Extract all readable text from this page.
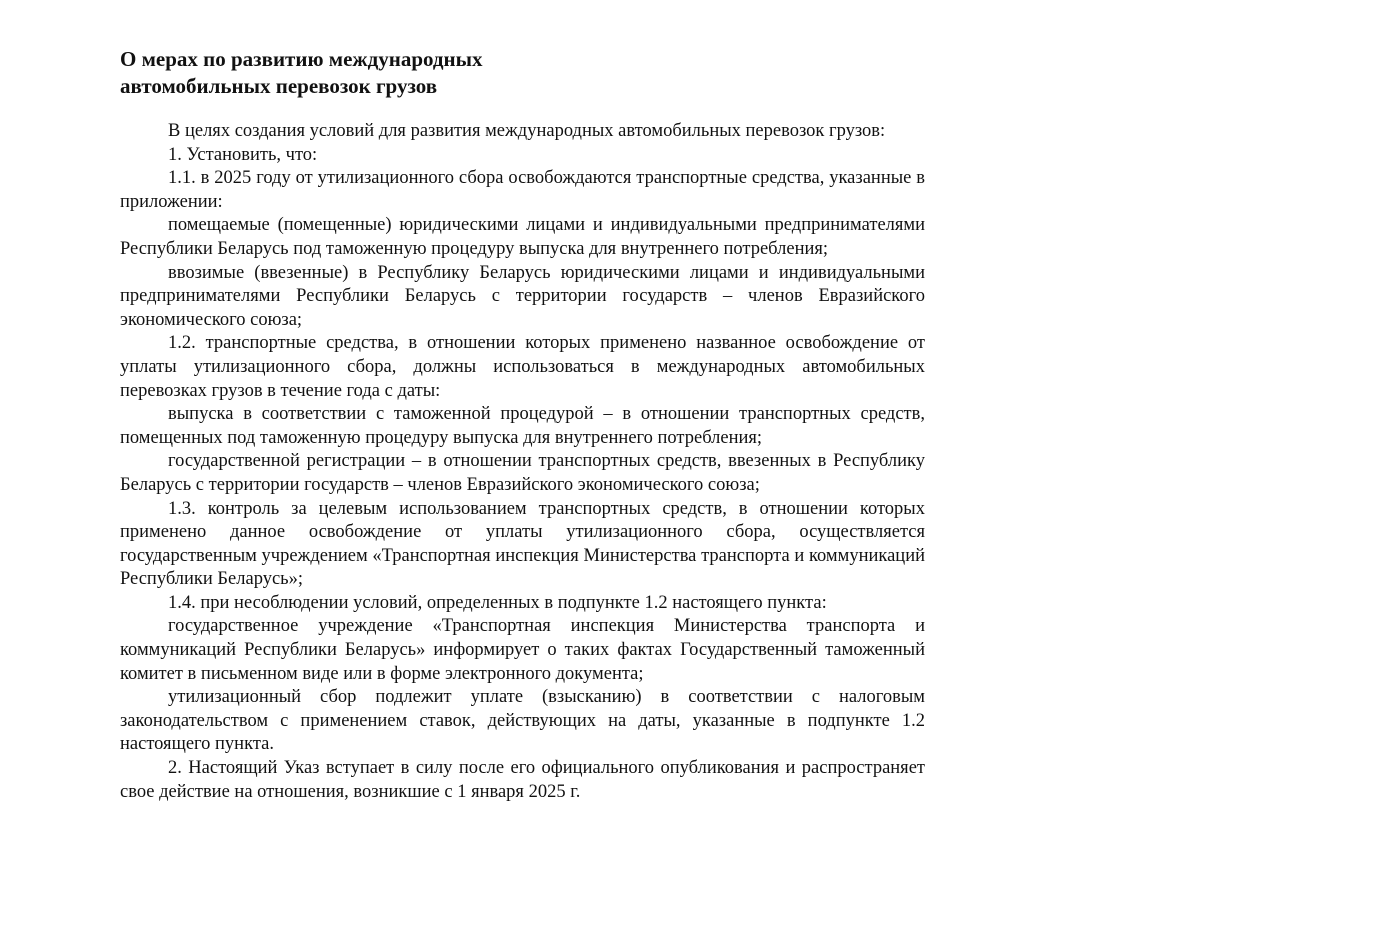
О мерах по развитию международных
автомобильных перевозок грузов

В целях создания условий для развития международных автомобильных перевозок грузов:

1. Установить, что:

1.1. в 2025 году от утилизационного сбора освобождаются транспортные средства, указанные в приложении:

помещаемые (помещенные) юридическими лицами и индивидуальными предпринимателями Республики Беларусь под таможенную процедуру выпуска для внутреннего потребления;

ввозимые (ввезенные) в Республику Беларусь юридическими лицами и индивидуальными предпринимателями Республики Беларусь с территории государств – членов Евразийского экономического союза;

1.2. транспортные средства, в отношении которых применено названное освобождение от уплаты утилизационного сбора, должны использоваться в международных автомобильных перевозках грузов в течение года с даты:

выпуска в соответствии с таможенной процедурой – в отношении транспортных средств, помещенных под таможенную процедуру выпуска для внутреннего потребления;

государственной регистрации – в отношении транспортных средств, ввезенных в Республику Беларусь с территории государств – членов Евразийского экономического союза;

1.3. контроль за целевым использованием транспортных средств, в отношении которых применено данное освобождение от уплаты утилизационного сбора, осуществляется государственным учреждением «Транспортная инспекция Министерства транспорта и коммуникаций Республики Беларусь»;

1.4. при несоблюдении условий, определенных в подпункте 1.2 настоящего пункта:

государственное учреждение «Транспортная инспекция Министерства транспорта и коммуникаций Республики Беларусь» информирует о таких фактах Государственный таможенный комитет в письменном виде или в форме электронного документа;

утилизационный сбор подлежит уплате (взысканию) в соответствии с налоговым законодательством с применением ставок, действующих на даты, указанные в подпункте 1.2 настоящего пункта.

2. Настоящий Указ вступает в силу после его официального опубликования и распространяет свое действие на отношения, возникшие с 1 января 2025 г.
